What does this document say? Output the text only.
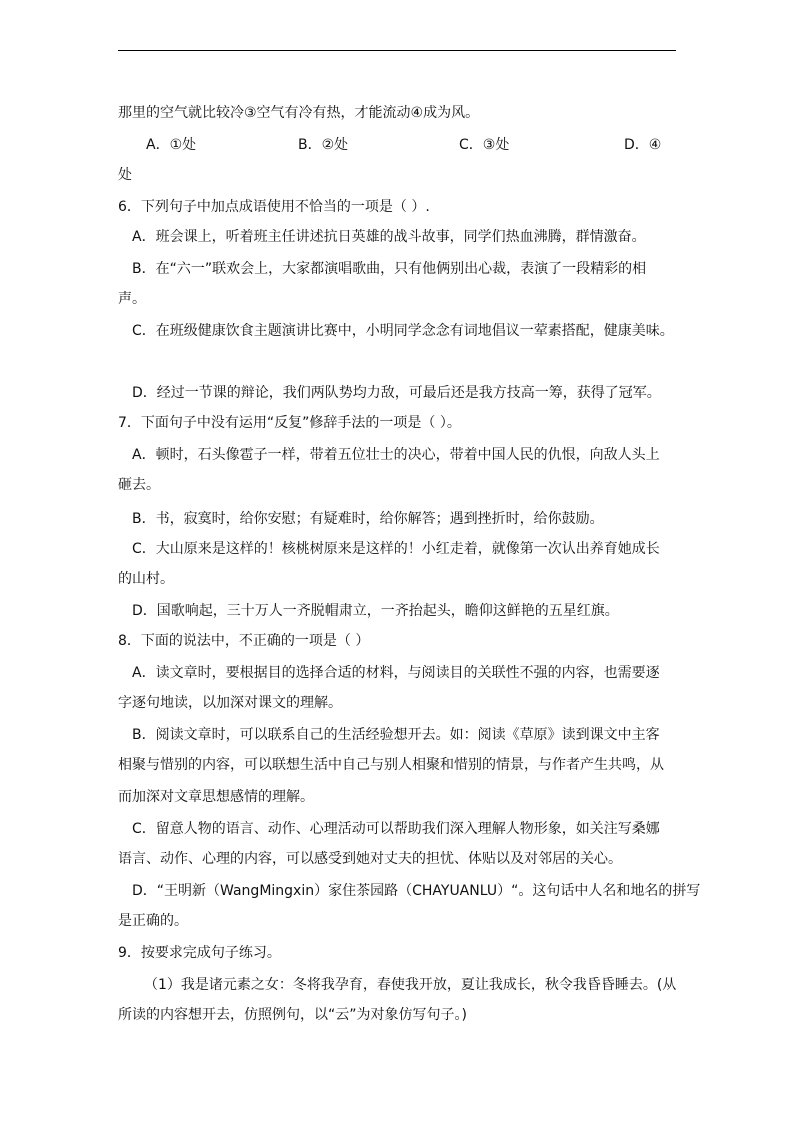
那里的空气就比较冷③空气有冷有热，才能流动④成为风。
A．①处	B．②处	C．③处	D．④
处
6．下列句子中加点成语使用不恰当的一项是（ ）.
A．班会课上，听着班主任讲述抗日英雄的战斗故事，同学们热血沸腾，群情激奋。
B．在“六一”联欢会上，大家都演唱歌曲，只有他俩别出心裁，表演了一段精彩的相
声。
C．在班级健康饮食主题演讲比赛中，小明同学念念有词地倡议一荤素搭配，健康美味。
D．经过一节课的辩论，我们两队势均力敌，可最后还是我方技高一筹，获得了冠军。
7．下面句子中没有运用“反复”修辞手法的一项是（ ）。
A．顿时，石头像雹子一样，带着五位壮士的决心，带着中国人民的仇恨，向敌人头上
砸去。
B．书，寂寞时，给你安慰；有疑难时，给你解答；遇到挫折时，给你鼓励。
C．大山原来是这样的！核桃树原来是这样的！小红走着，就像第一次认出养育她成长
的山村。
D．国歌响起，三十万人一齐脱帽肃立，一齐抬起头，瞻仰这鲜艳的五星红旗。
8．下面的说法中，不正确的一项是（ ）
A．读文章时，要根据目的选择合适的材料，与阅读目的关联性不强的内容，也需要逐
字逐句地读，以加深对课文的理解。
B．阅读文章时，可以联系自己的生活经验想开去。如：阅读《草原》读到课文中主客
相聚与惜别的内容，可以联想生活中自己与别人相聚和惜别的情景，与作者产生共鸣，从
而加深对文章思想感情的理解。
C．留意人物的语言、动作、心理活动可以帮助我们深入理解人物形象，如关注写桑娜
语言、动作、心理的内容，可以感受到她对丈夫的担忧、体贴以及对邻居的关心。
D．“王明新（WangMingxin）家住茶园路（CHAYUANLU）“。这句话中人名和地名的拼写
是正确的。
9．按要求完成句子练习。
（1）我是诸元素之女：冬将我孕育，春使我开放，夏让我成长，秋令我昏昏睡去。(从
所读的内容想开去，仿照例句，以“云”为对象仿写句子。)
